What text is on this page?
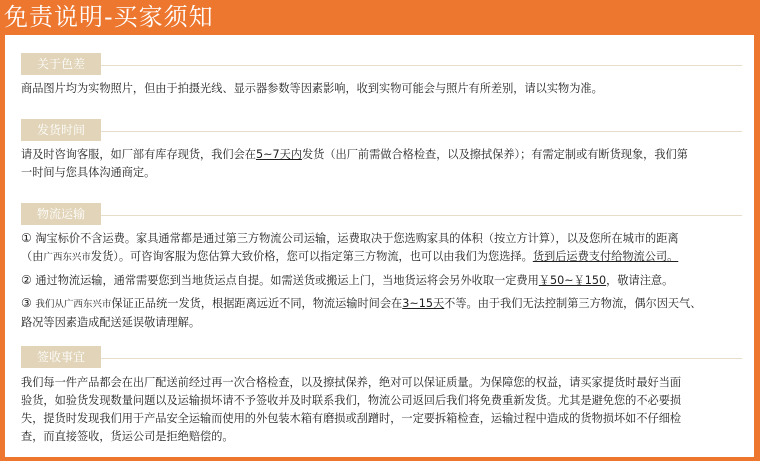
免责说明-买家须知
关于色差

商品图片均为实物照片，但由于拍摄光线、显示器参数等因素影响，收到实物可能会与照片有所差别，请以实物为准。

发货时间

请及时咨询客服，如厂部有库存现货，我们会在5~7天内发货（出厂前需做合格检查，以及擦拭保养）；有需定制或有断货现象，我们第

一时间与您具体沟通商定。

物流运输

① 淘宝标价不含运费。家具通常都是通过第三方物流公司运输，运费取决于您选购家具的体积（按立方计算），以及您所在城市的距离

（由广西东兴市发货）。可咨询客服为您估算大致价格，您可以指定第三方物流，也可以由我们为您选择。货到后运费支付给物流公司。

② 通过物流运输，通常需要您到当地货运点自提。如需送货或搬运上门，当地货运将会另外收取一定费用￥50~￥150，敬请注意。

③ 我们从广西东兴市保证正品统一发货，根据距离远近不同，物流运输时间会在3~15天不等。由于我们无法控制第三方物流，偶尔因天气、

路况等因素造成配送延误敬请理解。

签收事宜

我们每一件产品都会在出厂配送前经过再一次合格检查，以及擦拭保养，绝对可以保证质量。为保障您的权益，请买家提货时最好当面

验货，如验货发现数量问题以及运输损坏请不予签收并及时联系我们，物流公司返回后我们将免费重新发货。尤其是避免您的不必要损

失，提货时发现我们用于产品安全运输而使用的外包装木箱有磨损或刮蹭时，一定要拆箱检查，运输过程中造成的货物损坏如不仔细检

查，而直接签收，货运公司是拒绝赔偿的。
